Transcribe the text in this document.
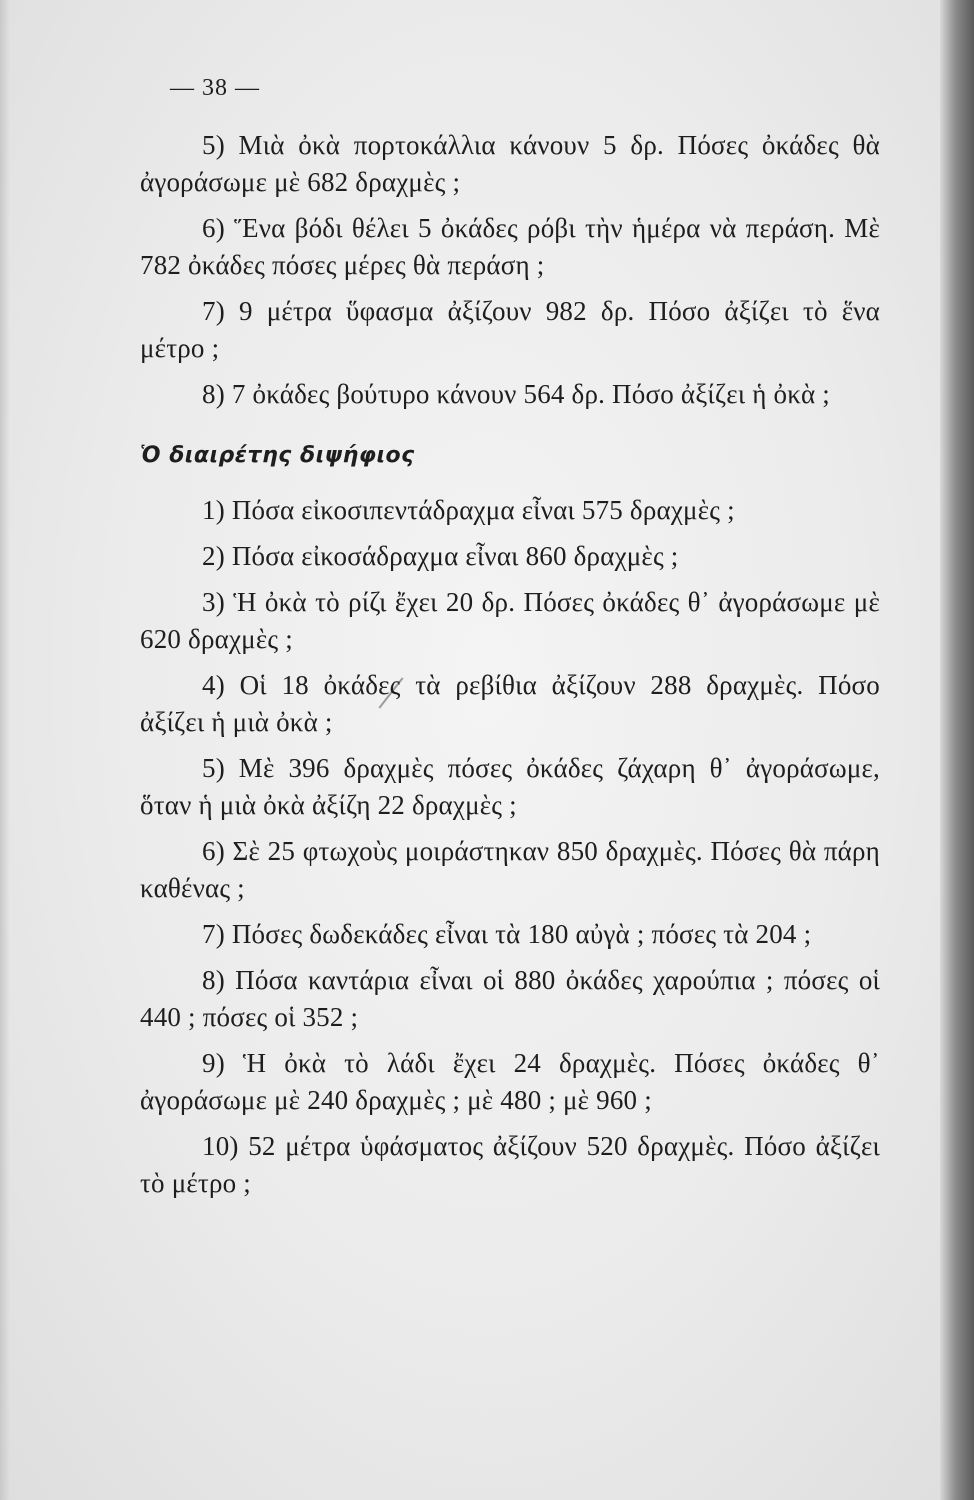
— 38 —

5) Μιὰ ὀκὰ πορτοκάλλια κάνουν 5 δρ. Πόσες ὀκάδες θὰ ἀγοράσωμε μὲ 682 δραχμὲς ;

6) Ἕνα βόδι θέλει 5 ὀκάδες ρόβι τὴν ἡμέρα νὰ περάση. Μὲ 782 ὀκάδες πόσες μέρες θὰ περάση ;

7) 9 μέτρα ὕφασμα ἀξίζουν 982 δρ. Πόσο ἀξίζει τὸ ἕνα μέτρο ;

8) 7 ὀκάδες βούτυρο κάνουν 564 δρ. Πόσο ἀξίζει ἡ ὀκὰ ;

Ὁ διαιρέτης διψήφιος

1) Πόσα εἰκοσιπεντάδραχμα εἶναι 575 δραχμὲς ;

2) Πόσα εἰκοσάδραχμα εἶναι 860 δραχμὲς ;

3) Ἡ ὀκὰ τὸ ρίζι ἔχει 20 δρ. Πόσες ὀκάδες θ᾽ ἀγοράσωμε μὲ 620 δραχμὲς ;

4) Οἱ 18 ὀκάδες τὰ ρεβίθια ἀξίζουν 288 δραχμὲς. Πόσο ἀξίζει ἡ μιὰ ὀκὰ ;

5) Μὲ 396 δραχμὲς πόσες ὀκάδες ζάχαρη θ᾽ ἀγοράσωμε, ὅταν ἡ μιὰ ὀκὰ ἀξίζη 22 δραχμὲς ;

6) Σὲ 25 φτωχοὺς μοιράστηκαν 850 δραχμὲς. Πόσες θὰ πάρη καθένας ;

7) Πόσες δωδεκάδες εἶναι τὰ 180 αὐγὰ ; πόσες τὰ 204 ;

8) Πόσα καντάρια εἶναι οἱ 880 ὀκάδες χαρούπια ; πόσες οἱ 440 ; πόσες οἱ 352 ;

9) Ἡ ὀκὰ τὸ λάδι ἔχει 24 δραχμὲς. Πόσες ὀκάδες θ᾽ ἀγοράσωμε μὲ 240 δραχμὲς ; μὲ 480 ; μὲ 960 ;

10) 52 μέτρα ὑφάσματος ἀξίζουν 520 δραχμὲς. Πόσο ἀξίζει τὸ μέτρο ;
